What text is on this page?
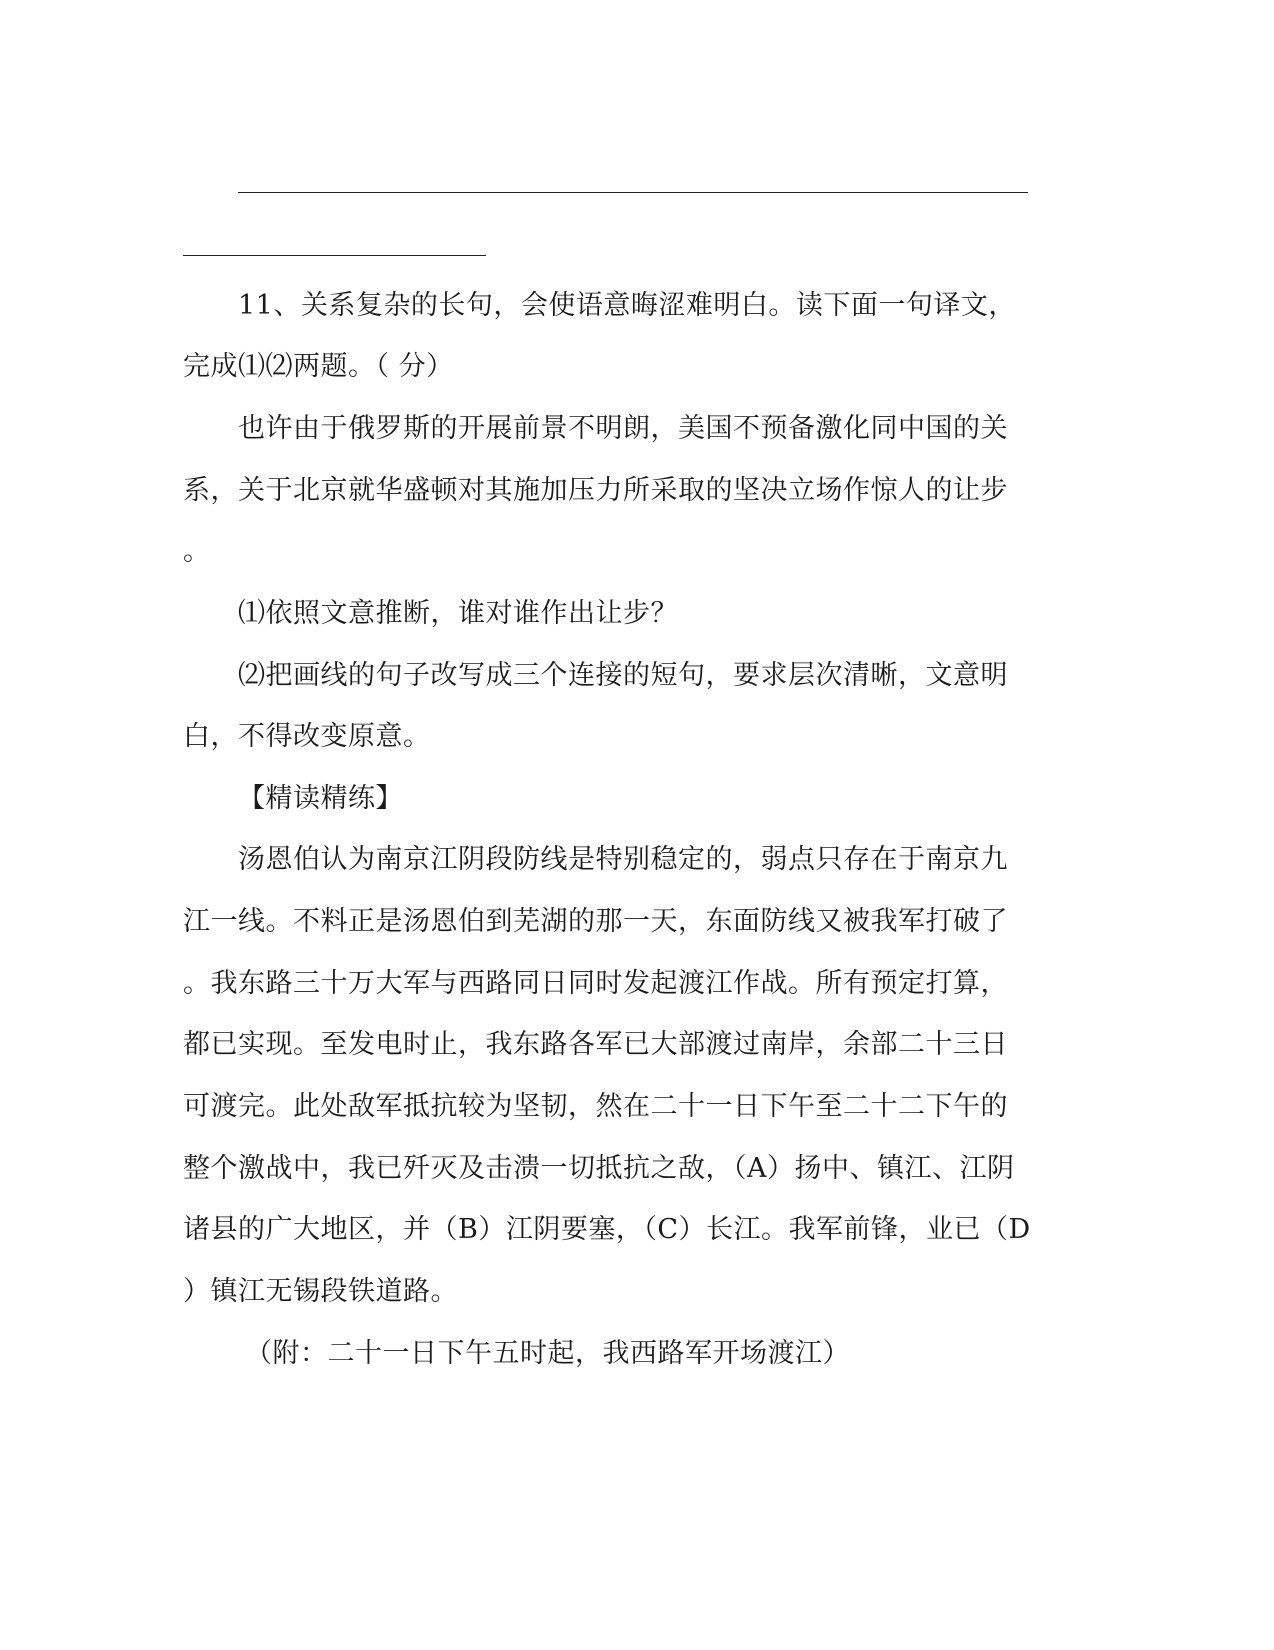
11、关系复杂的长句，会使语意晦涩难明白。读下面一句译文，
完成⑴⑵两题。（ 分）
也许由于俄罗斯的开展前景不明朗，美国不预备激化同中国的关
系，关于北京就华盛顿对其施加压力所采取的坚决立场作惊人的让步
。
⑴依照文意推断，谁对谁作出让步？
⑵把画线的句子改写成三个连接的短句，要求层次清晰，文意明
白，不得改变原意。
【精读精练】
汤恩伯认为南京江阴段防线是特别稳定的，弱点只存在于南京九
江一线。不料正是汤恩伯到芜湖的那一天，东面防线又被我军打破了
。我东路三十万大军与西路同日同时发起渡江作战。所有预定打算，
都已实现。至发电时止，我东路各军已大部渡过南岸，余部二十三日
可渡完。此处敌军抵抗较为坚韧，然在二十一日下午至二十二下午的
整个激战中，我已歼灭及击溃一切抵抗之敌，（A）扬中、镇江、江阴
诸县的广大地区，并（B）江阴要塞，（C）长江。我军前锋，业已（D
）镇江无锡段铁道路。
（附：二十一日下午五时起，我西路军开场渡江）
